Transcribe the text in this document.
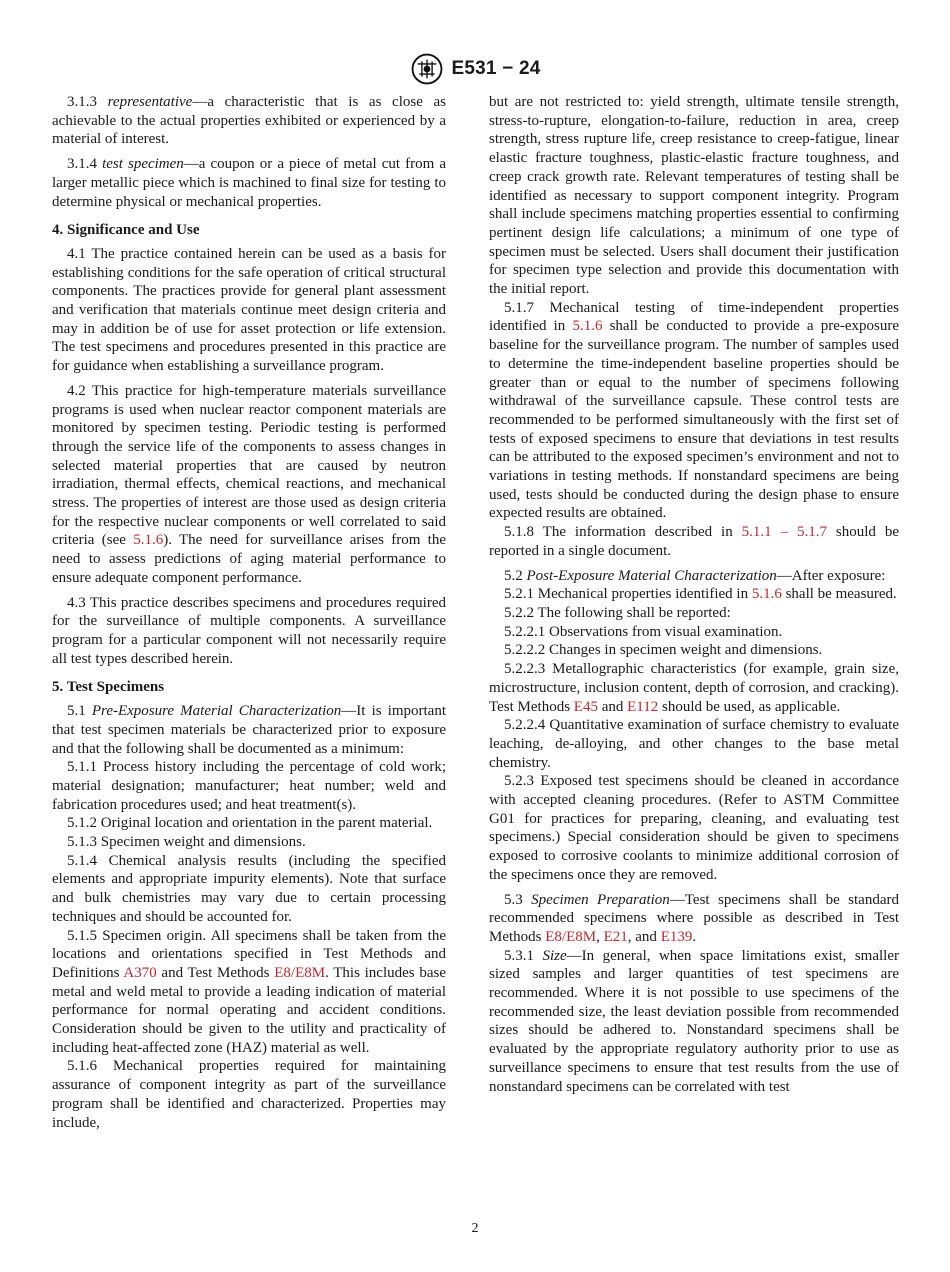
E531 − 24

3.1.3 representative—a characteristic that is as close as achievable to the actual properties exhibited or experienced by a material of interest.

3.1.4 test specimen—a coupon or a piece of metal cut from a larger metallic piece which is machined to final size for testing to determine physical or mechanical properties.

4. Significance and Use

4.1 The practice contained herein can be used as a basis for establishing conditions for the safe operation of critical structural components. The practices provide for general plant assessment and verification that materials continue meet design criteria and may in addition be of use for asset protection or life extension. The test specimens and procedures presented in this practice are for guidance when establishing a surveillance program.

4.2 This practice for high-temperature materials surveillance programs is used when nuclear reactor component materials are monitored by specimen testing. Periodic testing is performed through the service life of the components to assess changes in selected material properties that are caused by neutron irradiation, thermal effects, chemical reactions, and mechanical stress. The properties of interest are those used as design criteria for the respective nuclear components or well correlated to said criteria (see 5.1.6). The need for surveillance arises from the need to assess predictions of aging material performance to ensure adequate component performance.

4.3 This practice describes specimens and procedures required for the surveillance of multiple components. A surveillance program for a particular component will not necessarily require all test types described herein.

5. Test Specimens

5.1 Pre-Exposure Material Characterization—It is important that test specimen materials be characterized prior to exposure and that the following shall be documented as a minimum:

5.1.1 Process history including the percentage of cold work; material designation; manufacturer; heat number; weld and fabrication procedures used; and heat treatment(s).

5.1.2 Original location and orientation in the parent material.

5.1.3 Specimen weight and dimensions.

5.1.4 Chemical analysis results (including the specified elements and appropriate impurity elements). Note that surface and bulk chemistries may vary due to certain processing techniques and should be accounted for.

5.1.5 Specimen origin. All specimens shall be taken from the locations and orientations specified in Test Methods and Definitions A370 and Test Methods E8/E8M. This includes base metal and weld metal to provide a leading indication of material performance for normal operating and accident conditions. Consideration should be given to the utility and practicality of including heat-affected zone (HAZ) material as well.

5.1.6 Mechanical properties required for maintaining assurance of component integrity as part of the surveillance program shall be identified and characterized. Properties may include,

but are not restricted to: yield strength, ultimate tensile strength, stress-to-rupture, elongation-to-failure, reduction in area, creep strength, stress rupture life, creep resistance to creep-fatigue, linear elastic fracture toughness, plastic-elastic fracture toughness, and creep crack growth rate. Relevant temperatures of testing shall be identified as necessary to support component integrity. Program shall include specimens matching properties essential to confirming pertinent design life calculations; a minimum of one type of specimen must be selected. Users shall document their justification for specimen type selection and provide this documentation with the initial report.

5.1.7 Mechanical testing of time-independent properties identified in 5.1.6 shall be conducted to provide a pre-exposure baseline for the surveillance program. The number of samples used to determine the time-independent baseline properties should be greater than or equal to the number of specimens following withdrawal of the surveillance capsule. These control tests are recommended to be performed simultaneously with the first set of tests of exposed specimens to ensure that deviations in test results can be attributed to the exposed specimen’s environment and not to variations in testing methods. If nonstandard specimens are being used, tests should be conducted during the design phase to ensure expected results are obtained.

5.1.8 The information described in 5.1.1 – 5.1.7 should be reported in a single document.

5.2 Post-Exposure Material Characterization—After exposure:

5.2.1 Mechanical properties identified in 5.1.6 shall be measured.

5.2.2 The following shall be reported:

5.2.2.1 Observations from visual examination.

5.2.2.2 Changes in specimen weight and dimensions.

5.2.2.3 Metallographic characteristics (for example, grain size, microstructure, inclusion content, depth of corrosion, and cracking). Test Methods E45 and E112 should be used, as applicable.

5.2.2.4 Quantitative examination of surface chemistry to evaluate leaching, de-alloying, and other changes to the base metal chemistry.

5.2.3 Exposed test specimens should be cleaned in accordance with accepted cleaning procedures. (Refer to ASTM Committee G01 for practices for preparing, cleaning, and evaluating test specimens.) Special consideration should be given to specimens exposed to corrosive coolants to minimize additional corrosion of the specimens once they are removed.

5.3 Specimen Preparation—Test specimens shall be standard recommended specimens where possible as described in Test Methods E8/E8M, E21, and E139.

5.3.1 Size—In general, when space limitations exist, smaller sized samples and larger quantities of test specimens are recommended. Where it is not possible to use specimens of the recommended size, the least deviation possible from recommended sizes should be adhered to. Nonstandard specimens shall be evaluated by the appropriate regulatory authority prior to use as surveillance specimens to ensure that test results from the use of nonstandard specimens can be correlated with test

2
